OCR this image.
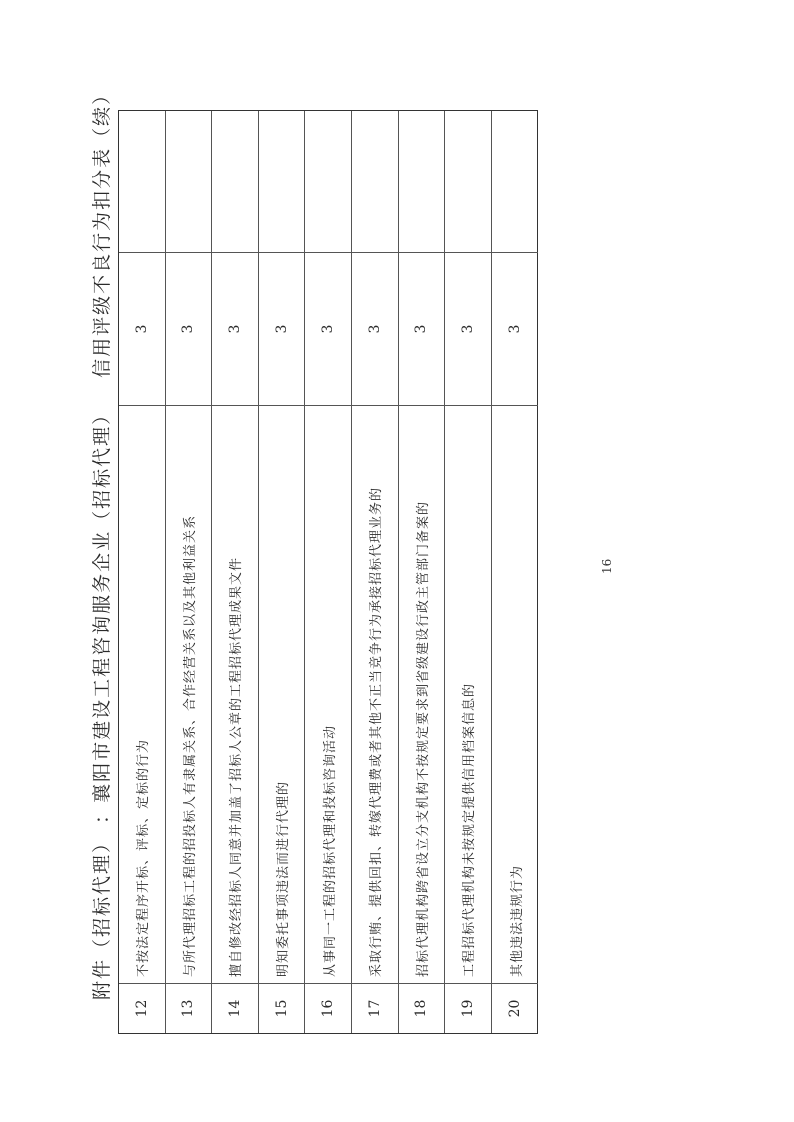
附件（招标代理） ：襄阳市建设工程咨询服务企业（招标代理） 信用评级不良行为扣分表（续）
12
不按法定程序开标、评标、定标的行为
3
13
与所代理招标工程的招投标人有隶属关系、合作经营关系以及其他利益关系
3
14
擅自修改经招标人同意并加盖了招标人公章的工程招标代理成果文件
3
15
明知委托事项违法而进行代理的
3
16
从事同一工程的招标代理和投标咨询活动
3
17
采取行贿、提供回扣、转嫁代理费或者其他不正当竞争行为承接招标代理业务的
3
18
招标代理机构跨省设立分支机构不按规定要求到省级建设行政主管部门备案的
3
19
工程招标代理机构未按规定提供信用档案信息的
3
20
其他违法违规行为
3
16
